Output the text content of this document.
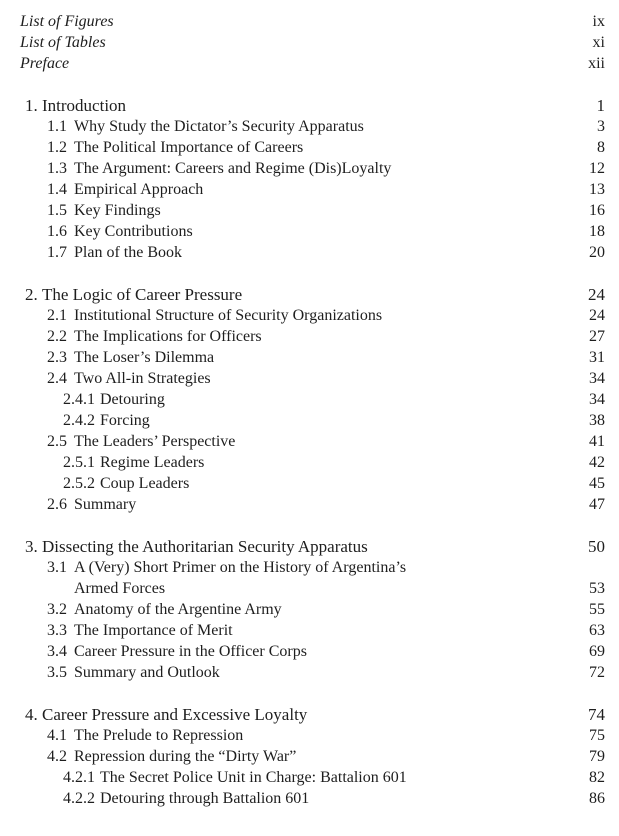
List of Figures	ix
List of Tables	xi
Preface	xii
1. Introduction	1
1.1 Why Study the Dictator’s Security Apparatus	3
1.2 The Political Importance of Careers	8
1.3 The Argument: Careers and Regime (Dis)Loyalty	12
1.4 Empirical Approach	13
1.5 Key Findings	16
1.6 Key Contributions	18
1.7 Plan of the Book	20
2. The Logic of Career Pressure	24
2.1 Institutional Structure of Security Organizations	24
2.2 The Implications for Officers	27
2.3 The Loser’s Dilemma	31
2.4 Two All-in Strategies	34
2.4.1 Detouring	34
2.4.2 Forcing	38
2.5 The Leaders’ Perspective	41
2.5.1 Regime Leaders	42
2.5.2 Coup Leaders	45
2.6 Summary	47
3. Dissecting the Authoritarian Security Apparatus	50
3.1 A (Very) Short Primer on the History of Argentina’s
Armed Forces	53
3.2 Anatomy of the Argentine Army	55
3.3 The Importance of Merit	63
3.4 Career Pressure in the Officer Corps	69
3.5 Summary and Outlook	72
4. Career Pressure and Excessive Loyalty	74
4.1 The Prelude to Repression	75
4.2 Repression during the “Dirty War”	79
4.2.1 The Secret Police Unit in Charge: Battalion 601	82
4.2.2 Detouring through Battalion 601	86
